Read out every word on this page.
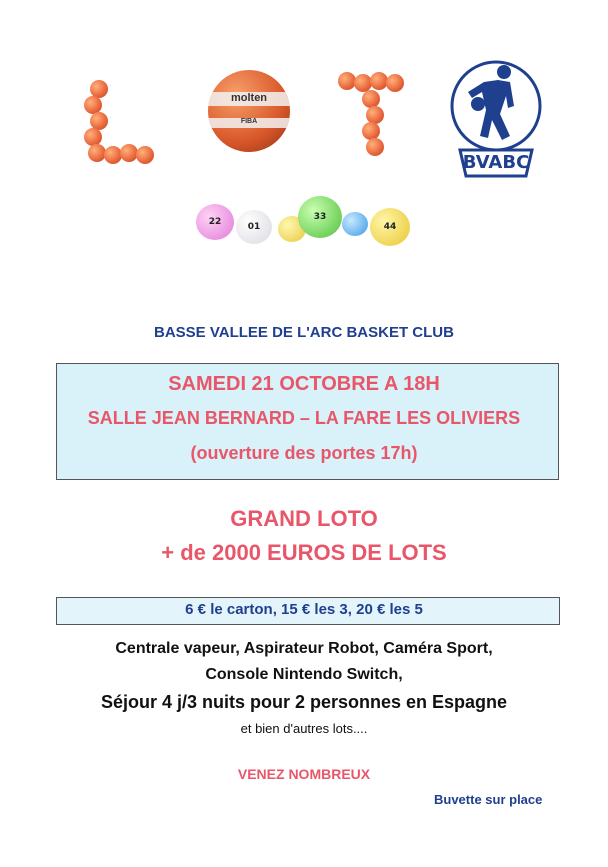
molten
FIBA
BVABC
22	01
33
44
BASSE VALLEE DE L'ARC BASKET CLUB
SAMEDI 21 OCTOBRE A 18H
SALLE JEAN BERNARD – LA FARE LES OLIVIERS
(ouverture des portes 17h)
GRAND LOTO
+ de 2000 EUROS DE LOTS
6 € le carton, 15 € les 3, 20 € les 5
Centrale vapeur, Aspirateur Robot, Caméra Sport,
Console Nintendo Switch,
Séjour 4 j/3 nuits pour 2 personnes en Espagne
et bien d'autres lots....
VENEZ NOMBREUX
Buvette sur place
